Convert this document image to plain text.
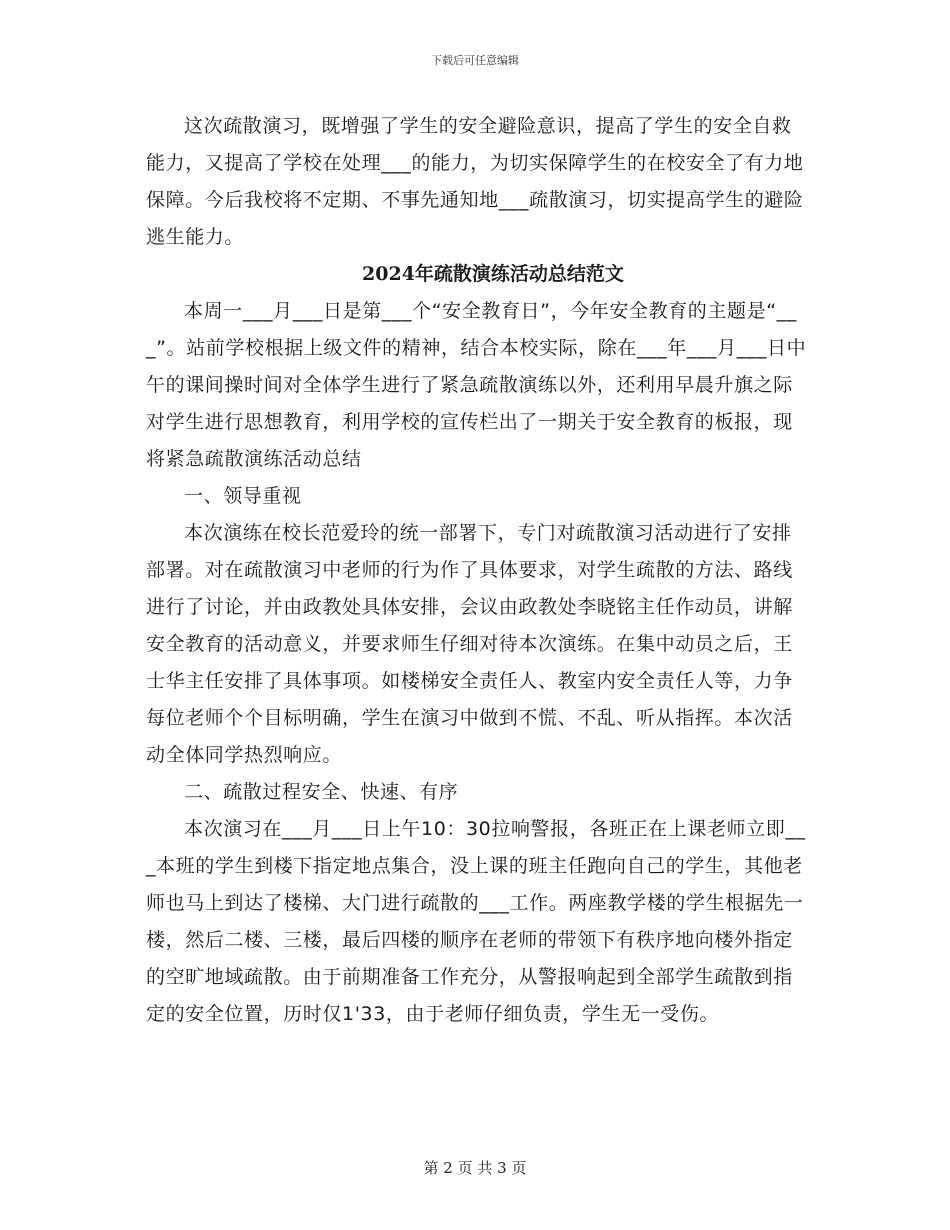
下载后可任意编辑

这次疏散演习，既增强了学生的安全避险意识，提高了学生的安全自救能力，又提高了学校在处理___的能力，为切实保障学生的在校安全了有力地保障。今后我校将不定期、不事先通知地___疏散演习，切实提高学生的避险逃生能力。

2024年疏散演练活动总结范文

本周一___月___日是第___个“安全教育日”，今年安全教育的主题是“___”。站前学校根据上级文件的精神，结合本校实际，除在___年___月___日中午的课间操时间对全体学生进行了紧急疏散演练以外，还利用早晨升旗之际对学生进行思想教育，利用学校的宣传栏出了一期关于安全教育的板报，现将紧急疏散演练活动总结

一、领导重视

本次演练在校长范爱玲的统一部署下，专门对疏散演习活动进行了安排部署。对在疏散演习中老师的行为作了具体要求，对学生疏散的方法、路线进行了讨论，并由政教处具体安排，会议由政教处李晓铭主任作动员，讲解安全教育的活动意义，并要求师生仔细对待本次演练。在集中动员之后，王士华主任安排了具体事项。如楼梯安全责任人、教室内安全责任人等，力争每位老师个个目标明确，学生在演习中做到不慌、不乱、听从指挥。本次活动全体同学热烈响应。

二、疏散过程安全、快速、有序

本次演习在___月___日上午10：30拉响警报，各班正在上课老师立即___本班的学生到楼下指定地点集合，没上课的班主任跑向自己的学生，其他老师也马上到达了楼梯、大门进行疏散的___工作。两座教学楼的学生根据先一楼，然后二楼、三楼，最后四楼的顺序在老师的带领下有秩序地向楼外指定的空旷地域疏散。由于前期准备工作充分，从警报响起到全部学生疏散到指定的安全位置，历时仅1'33，由于老师仔细负责，学生无一受伤。

第 2 页 共 3 页
